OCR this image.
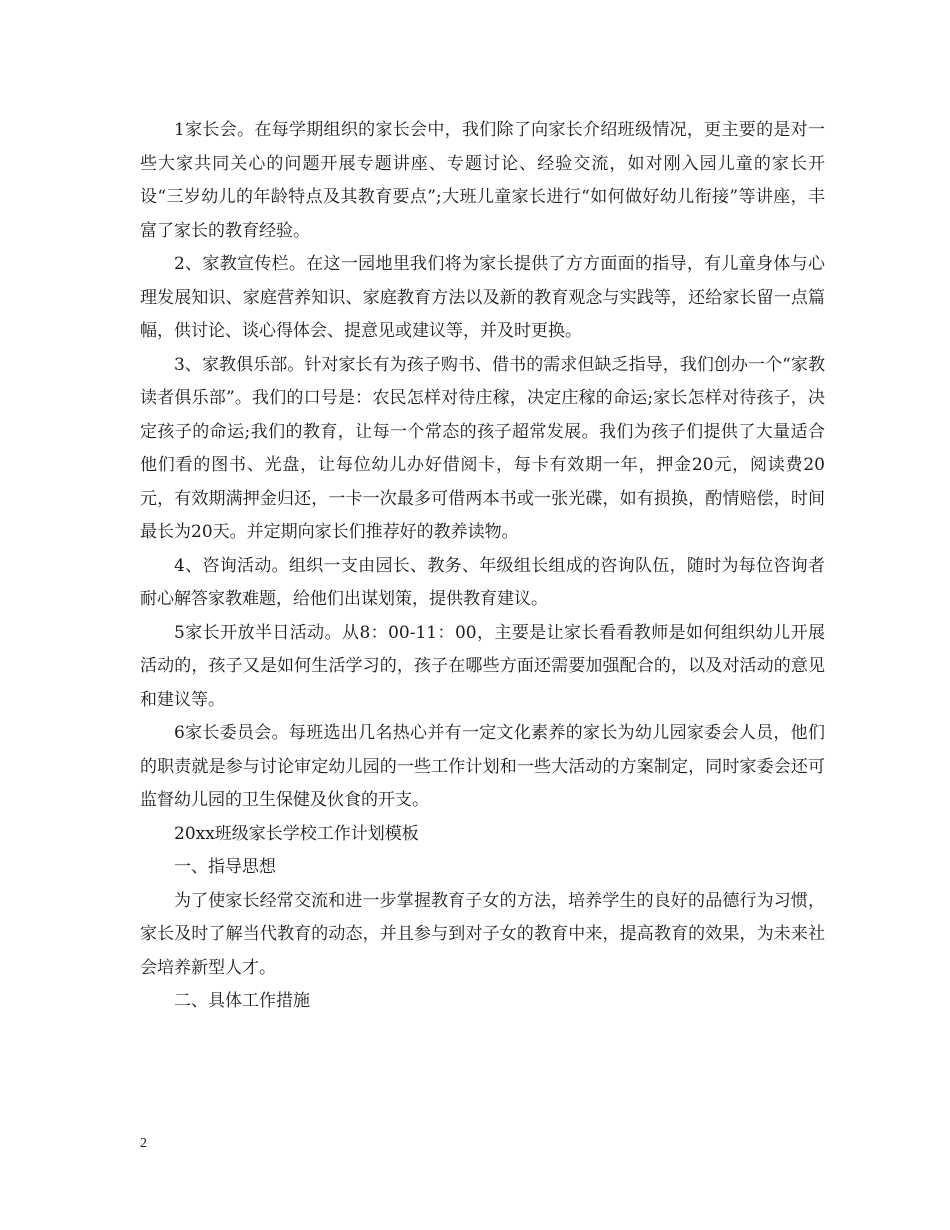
1家长会。在每学期组织的家长会中，我们除了向家长介绍班级情况，更主要的是对一些大家共同关心的问题开展专题讲座、专题讨论、经验交流，如对刚入园儿童的家长开设“三岁幼儿的年龄特点及其教育要点”;大班儿童家长进行“如何做好幼儿衔接”等讲座，丰富了家长的教育经验。

2、家教宣传栏。在这一园地里我们将为家长提供了方方面面的指导，有儿童身体与心理发展知识、家庭营养知识、家庭教育方法以及新的教育观念与实践等，还给家长留一点篇幅，供讨论、谈心得体会、提意见或建议等，并及时更换。

3、家教俱乐部。针对家长有为孩子购书、借书的需求但缺乏指导，我们创办一个“家教读者俱乐部”。我们的口号是：农民怎样对待庄稼，决定庄稼的命运;家长怎样对待孩子，决定孩子的命运;我们的教育，让每一个常态的孩子超常发展。我们为孩子们提供了大量适合他们看的图书、光盘，让每位幼儿办好借阅卡，每卡有效期一年，押金20元，阅读费20元，有效期满押金归还，一卡一次最多可借两本书或一张光碟，如有损换，酌情赔偿，时间最长为20天。并定期向家长们推荐好的教养读物。

4、咨询活动。组织一支由园长、教务、年级组长组成的咨询队伍，随时为每位咨询者耐心解答家教难题，给他们出谋划策，提供教育建议。

5家长开放半日活动。从8：00-11：00，主要是让家长看看教师是如何组织幼儿开展活动的，孩子又是如何生活学习的，孩子在哪些方面还需要加强配合的，以及对活动的意见和建议等。

6家长委员会。每班选出几名热心并有一定文化素养的家长为幼儿园家委会人员，他们的职责就是参与讨论审定幼儿园的一些工作计划和一些大活动的方案制定，同时家委会还可监督幼儿园的卫生保健及伙食的开支。

20xx班级家长学校工作计划模板

一、指导思想

为了使家长经常交流和进一步掌握教育子女的方法，培养学生的良好的品德行为习惯，家长及时了解当代教育的动态，并且参与到对子女的教育中来，提高教育的效果，为未来社会培养新型人才。

二、具体工作措施

2
